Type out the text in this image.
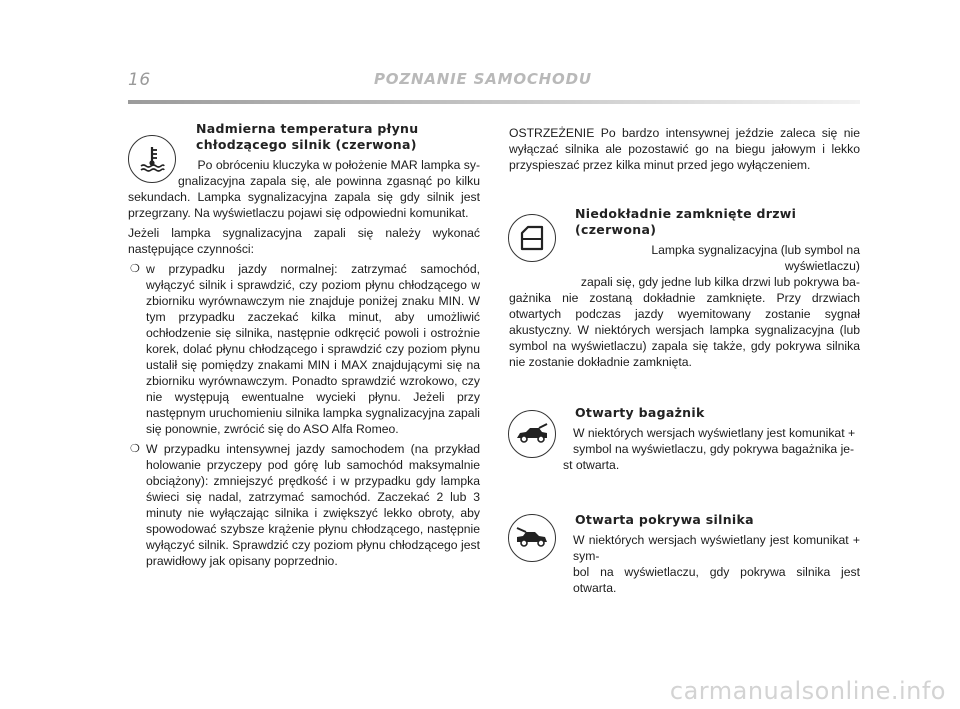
16	POZNANIE SAMOCHODU
Nadmierna temperatura płynu
chłodzącego silnik (czerwona)

Po obróceniu kluczyka w położenie MAR lampka sy-

gnalizacyjna zapala się, ale powinna zgasnąć po kilku sekundach. Lampka sygnalizacyjna zapala się gdy silnik jest przegrzany. Na wyświetlaczu pojawi się odpowiedni komunikat.

Jeżeli lampka sygnalizacyjna zapali się należy wykonać następujące czynności:

❍ w przypadku jazdy normalnej: zatrzymać samochód, wyłączyć silnik i sprawdzić, czy poziom płynu chłodzącego w zbiorniku wyrównawczym nie znajduje poniżej znaku MIN. W tym przypadku zaczekać kilka minut, aby umożliwić ochłodzenie się silnika, następnie odkręcić powoli i ostrożnie korek, dolać płynu chłodzącego i sprawdzić czy poziom płynu ustalił się pomiędzy znakami MIN i MAX znajdującymi się na zbiorniku wyrównawczym. Ponadto sprawdzić wzrokowo, czy nie występują ewentualne wycieki płynu. Jeżeli przy następnym uruchomieniu silnika lampka sygnalizacyjna zapali się ponownie, zwrócić się do ASO Alfa Romeo.
❍ W przypadku intensywnej jazdy samochodem (na przykład holowanie przyczepy pod górę lub samochód maksymalnie obciążony): zmniejszyć prędkość i w przypadku gdy lampka świeci się nadal, zatrzymać samochód. Zaczekać 2 lub 3 minuty nie wyłączając silnika i zwiększyć lekko obroty, aby spowodować szybsze krążenie płynu chłodzącego, następnie wyłączyć silnik. Sprawdzić czy poziom płynu chłodzącego jest prawidłowy jak opisany poprzednio.

OSTRZEŻENIE Po bardzo intensywnej jeździe zaleca się nie wyłączać silnika ale pozostawić go na biegu jałowym i lekko przyspieszać przez kilka minut przed jego wyłączeniem.

Niedokładnie zamknięte drzwi
(czerwona)

Lampka sygnalizacyjna (lub symbol na wyświetlaczu)

zapali się, gdy jedne lub kilka drzwi lub pokrywa ba-

gażnika nie zostaną dokładnie zamknięte. Przy drzwiach otwartych podczas jazdy wyemitowany zostanie sygnał akustyczny. W niektórych wersjach lampka sygnalizacyjna (lub symbol na wyświetlaczu) zapala się także, gdy pokrywa silnika nie zostanie dokładnie zamknięta.

Otwarty bagażnik

W niektórych wersjach wyświetlany jest komunikat +

symbol na wyświetlaczu, gdy pokrywa bagażnika je-

st otwarta.

Otwarta pokrywa silnika

W niektórych wersjach wyświetlany jest komunikat + sym-

bol na wyświetlaczu, gdy pokrywa silnika jest otwarta.

carmanualsonline.info
